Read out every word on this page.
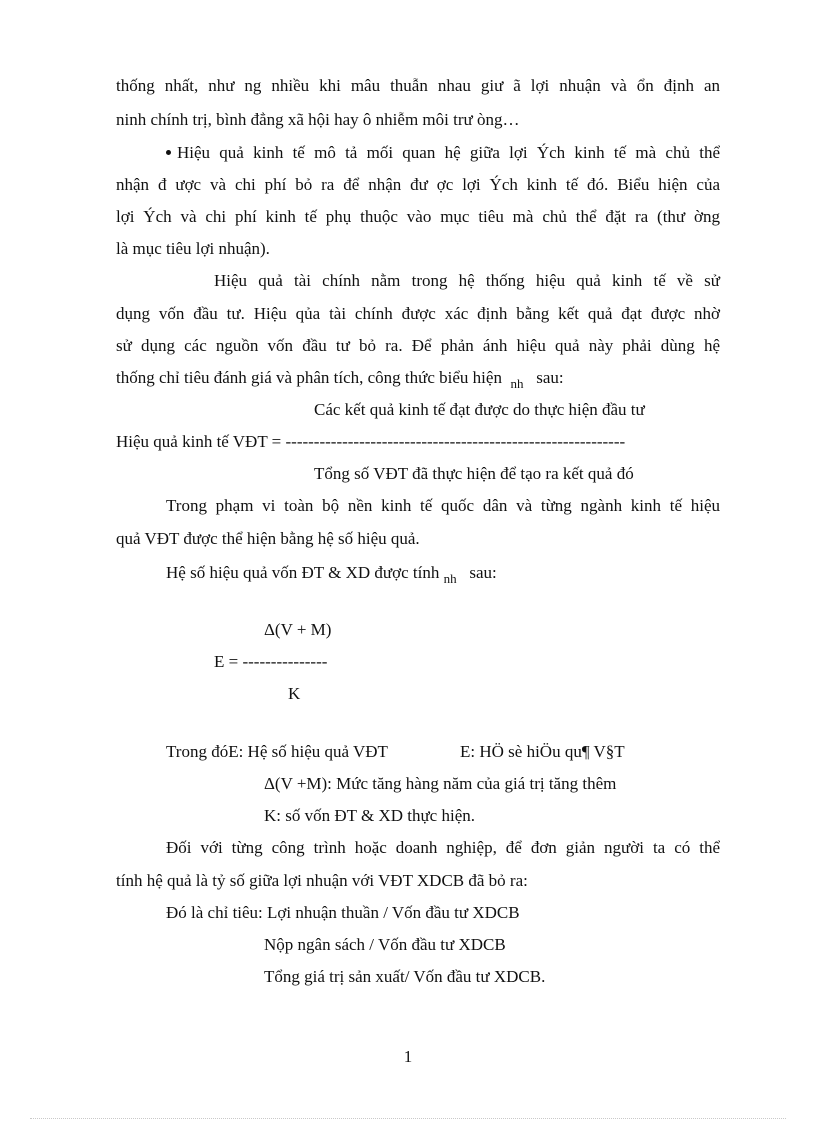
thống nhất, như ng nhiều khi mâu thuẫn nhau giư ã lợi nhuận và ổn định an
ninh chính trị, bình đẳng xã hội hay ô nhiễm môi trư òng…
Hiệu quả kinh tế mô tả mối quan hệ giữa lợi Ých kinh tế mà chủ thể
nhận đ ược và chi phí bỏ ra để nhận đư ợc lợi Ých kinh tế đó. Biểu hiện của
lợi Ých và chi phí kinh tế phụ thuộc vào mục tiêu mà chủ thể đặt ra (thư ờng
là mục tiêu lợi nhuận).
Hiệu quả tài chính nằm trong hệ thống hiệu quả kinh tế về sử
dụng vốn đầu tư. Hiệu qủa tài chính được xác định bằng kết quả đạt được nhờ
sử dụng các nguồn vốn đầu tư bỏ ra. Để phản ánh hiệu quả này phải dùng hệ
thống chỉ tiêu đánh giá và phân tích, công thức biểu hiện $_{nh}$ sau:
Các kết quả kinh tế đạt được do thực hiện đầu tư
Hiệu quả kinh tế VĐT = ------------------------------------------------------------
Tổng số VĐT đã thực hiện để tạo ra kết quả đó
Trong phạm vi toàn bộ nền kinh tế quốc dân và từng ngành kinh tế hiệu
quả VĐT được thể hiện bằng hệ số hiệu quả.
Hệ số hiệu quả vốn ĐT & XD được tính $_{nh}$ sau:
Δ(V + M)
E = ---------------
K
Trong đóE: Hệ số hiệu quả VĐT	E: HÖ sè hiÖu qu¶ V§T
Δ(V +M): Mức tăng hàng năm của giá trị tăng thêm
K: số vốn ĐT & XD thực hiện.
Đối với từng công trình hoặc doanh nghiệp, để đơn giản người ta có thể
tính hệ quả là tỷ số giữa lợi nhuận với VĐT XDCB đã bỏ ra:
Đó là chỉ tiêu: Lợi nhuận thuần / Vốn đầu tư XDCB
Nộp ngân sách / Vốn đầu tư XDCB
Tổng giá trị sản xuất/ Vốn đầu tư XDCB.
1
